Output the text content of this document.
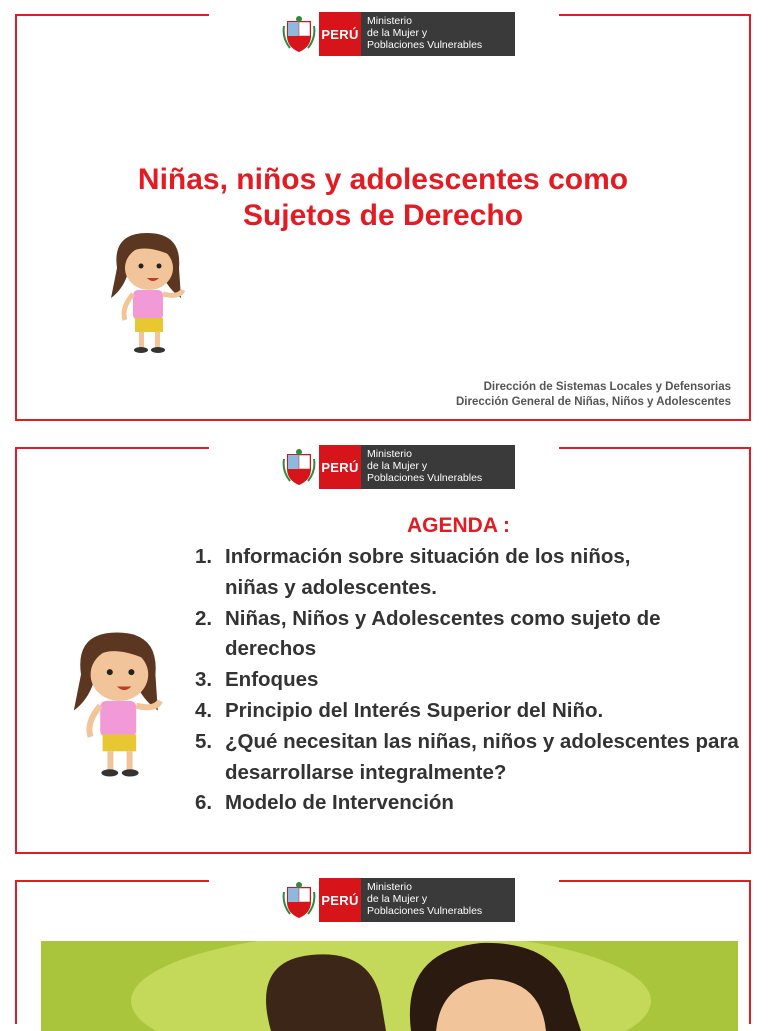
PERÚ
Ministerio
de la Mujer y
Poblaciones Vulnerables
Niñas, niños y adolescentes como
Sujetos de Derecho
Dirección de Sistemas Locales y Defensorias
Dirección General de Niñas, Niños y Adolescentes
PERÚ
Ministerio
de la Mujer y
Poblaciones Vulnerables
AGENDA :
1. Información sobre situación de los niños, niñas y adolescentes.
2. Niñas, Niños y Adolescentes como sujeto de derechos
3. Enfoques
4. Principio del Interés Superior del Niño.
5. ¿Qué necesitan las niñas, niños y adolescentes para desarrollarse integralmente?
6. Modelo de Intervención
PERÚ
Ministerio
de la Mujer y
Poblaciones Vulnerables
